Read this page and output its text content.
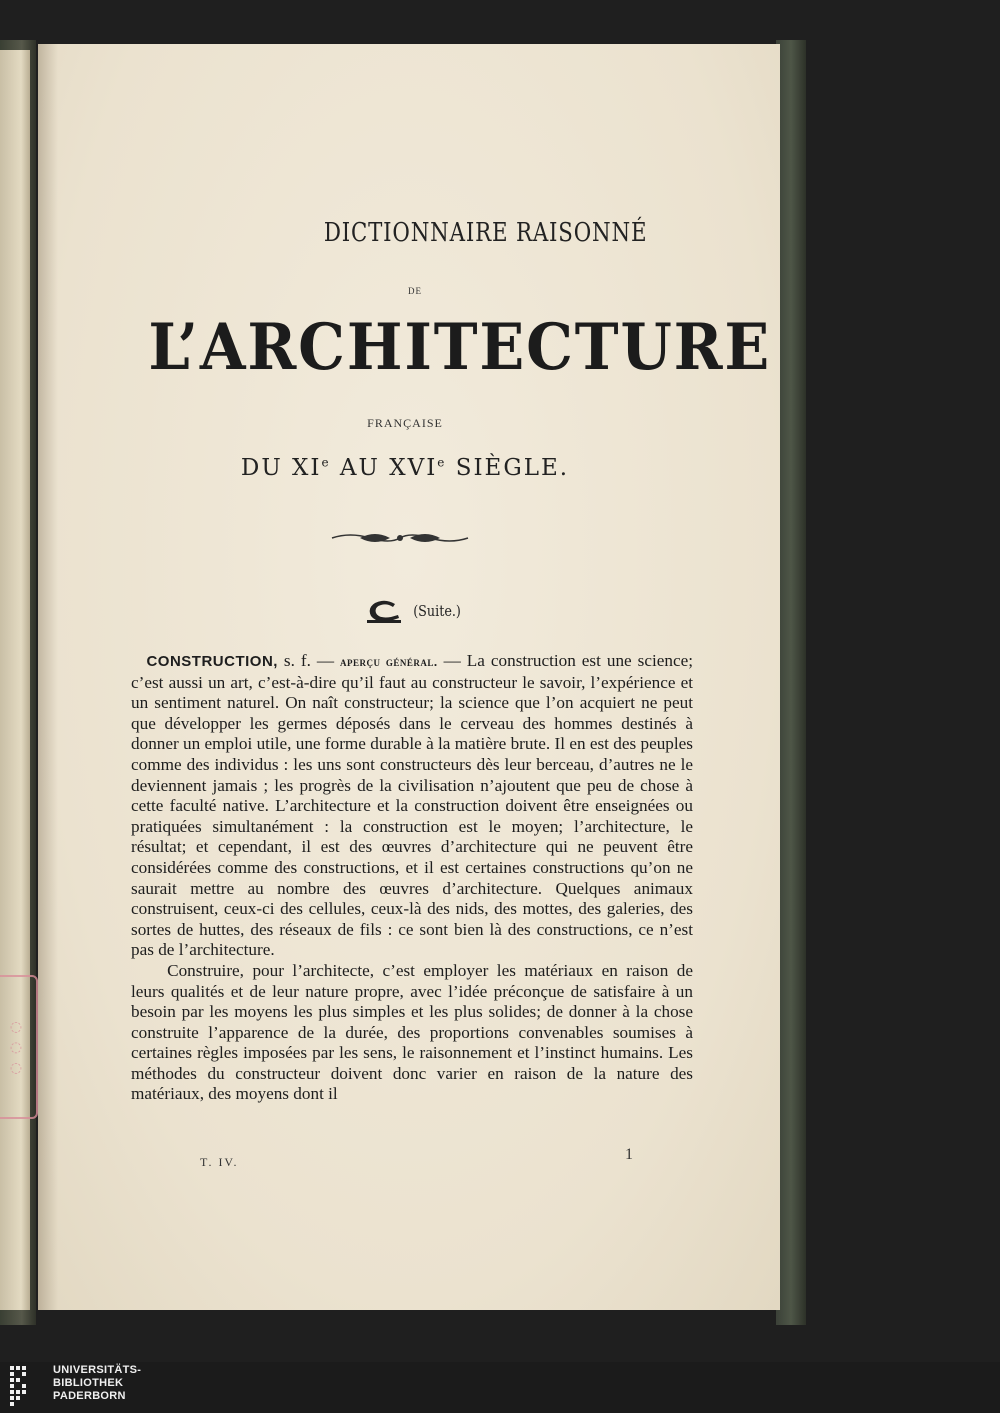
◌ ◌ ◌
DICTIONNAIRE RAISONNÉ
DE
L’ARCHITECTURE
FRANÇAISE
DU XIe AU XVIe SIÈGLE.
(Suite.)

CONSTRUCTION, s. f. — aperçu général. — La construction est une science; c’est aussi un art, c’est-à-dire qu’il faut au constructeur le savoir, l’expérience et un sentiment naturel. On naît constructeur; la science que l’on acquiert ne peut que développer les germes déposés dans le cerveau des hommes destinés à donner un emploi utile, une forme durable à la matière brute. Il en est des peuples comme des individus : les uns sont constructeurs dès leur berceau, d’autres ne le deviennent jamais ; les progrès de la civilisation n’ajoutent que peu de chose à cette faculté native. L’architecture et la construction doivent être enseignées ou pratiquées simultanément : la construction est le moyen; l’architecture, le résultat; et cependant, il est des œuvres d’architecture qui ne peuvent être considérées comme des constructions, et il est certaines constructions qu’on ne saurait mettre au nombre des œuvres d’architecture. Quelques animaux construisent, ceux-ci des cellules, ceux-là des nids, des mottes, des galeries, des sortes de huttes, des réseaux de fils : ce sont bien là des constructions, ce n’est pas de l’architecture.

Construire, pour l’architecte, c’est employer les matériaux en raison de leurs qualités et de leur nature propre, avec l’idée préconçue de satisfaire à un besoin par les moyens les plus simples et les plus solides; de donner à la chose construite l’apparence de la durée, des proportions convenables soumises à certaines règles imposées par les sens, le raisonnement et l’instinct humains. Les méthodes du constructeur doivent donc varier en raison de la nature des matériaux, des moyens dont il

T. IV.	1
UNIVERSITÄTS-
BIBLIOTHEK
PADERBORN
